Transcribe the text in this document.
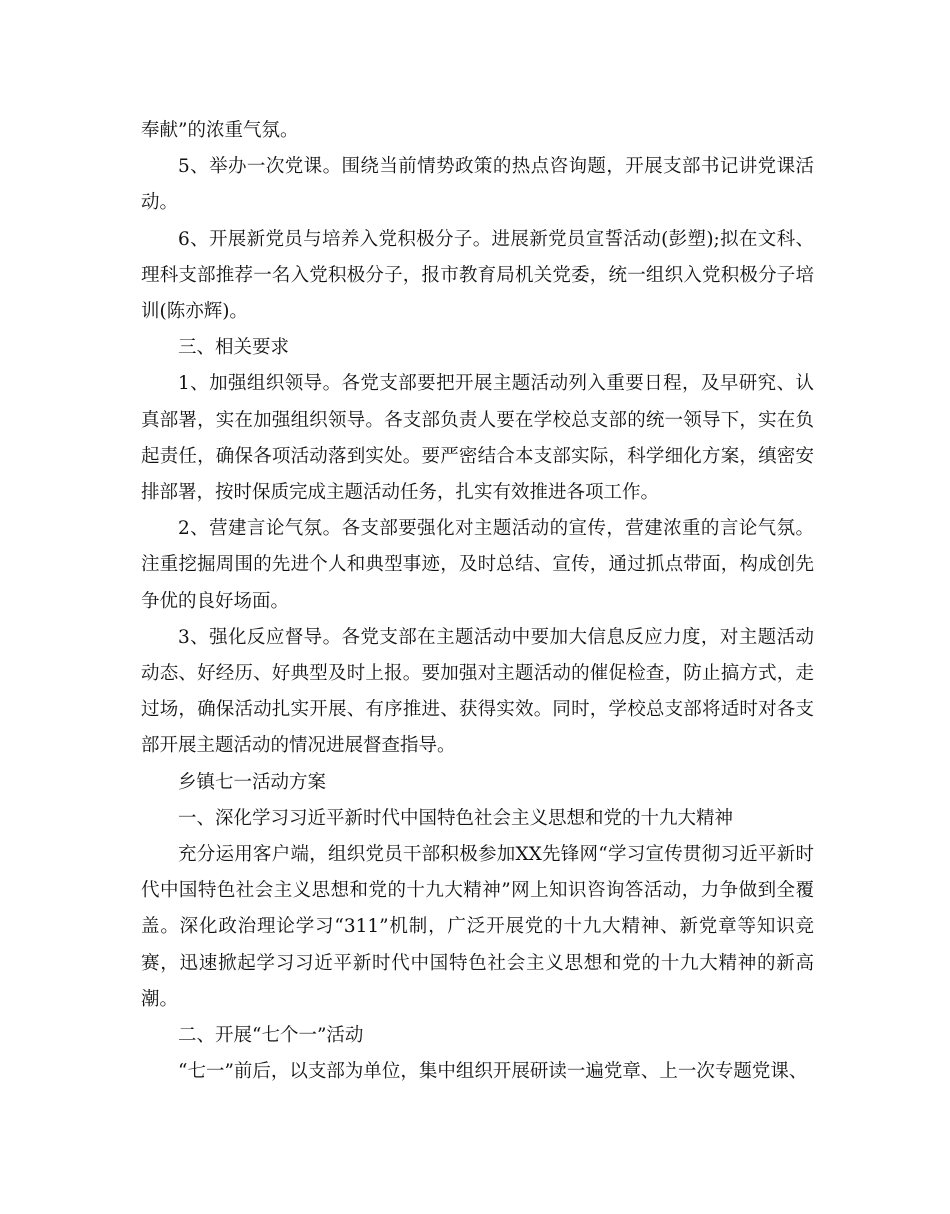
奉献”的浓重气氛。

5、举办一次党课。围绕当前情势政策的热点咨询题，开展支部书记讲党课活动。

6、开展新党员与培养入党积极分子。进展新党员宣誓活动(彭塑);拟在文科、理科支部推荐一名入党积极分子，报市教育局机关党委，统一组织入党积极分子培训(陈亦辉)。

三、相关要求

1、加强组织领导。各党支部要把开展主题活动列入重要日程，及早研究、认真部署，实在加强组织领导。各支部负责人要在学校总支部的统一领导下，实在负起责任，确保各项活动落到实处。要严密结合本支部实际，科学细化方案，缜密安排部署，按时保质完成主题活动任务，扎实有效推进各项工作。

2、营建言论气氛。各支部要强化对主题活动的宣传，营建浓重的言论气氛。注重挖掘周围的先进个人和典型事迹，及时总结、宣传，通过抓点带面，构成创先争优的良好场面。

3、强化反应督导。各党支部在主题活动中要加大信息反应力度，对主题活动动态、好经历、好典型及时上报。要加强对主题活动的催促检查，防止搞方式，走过场，确保活动扎实开展、有序推进、获得实效。同时，学校总支部将适时对各支部开展主题活动的情况进展督查指导。

乡镇七一活动方案

一、深化学习习近平新时代中国特色社会主义思想和党的十九大精神

充分运用客户端，组织党员干部积极参加XX先锋网“学习宣传贯彻习近平新时代中国特色社会主义思想和党的十九大精神”网上知识咨询答活动，力争做到全覆盖。深化政治理论学习“311”机制，广泛开展党的十九大精神、新党章等知识竞赛，迅速掀起学习习近平新时代中国特色社会主义思想和党的十九大精神的新高潮。

二、开展“七个一”活动

“七一”前后，以支部为单位，集中组织开展研读一遍党章、上一次专题党课、
